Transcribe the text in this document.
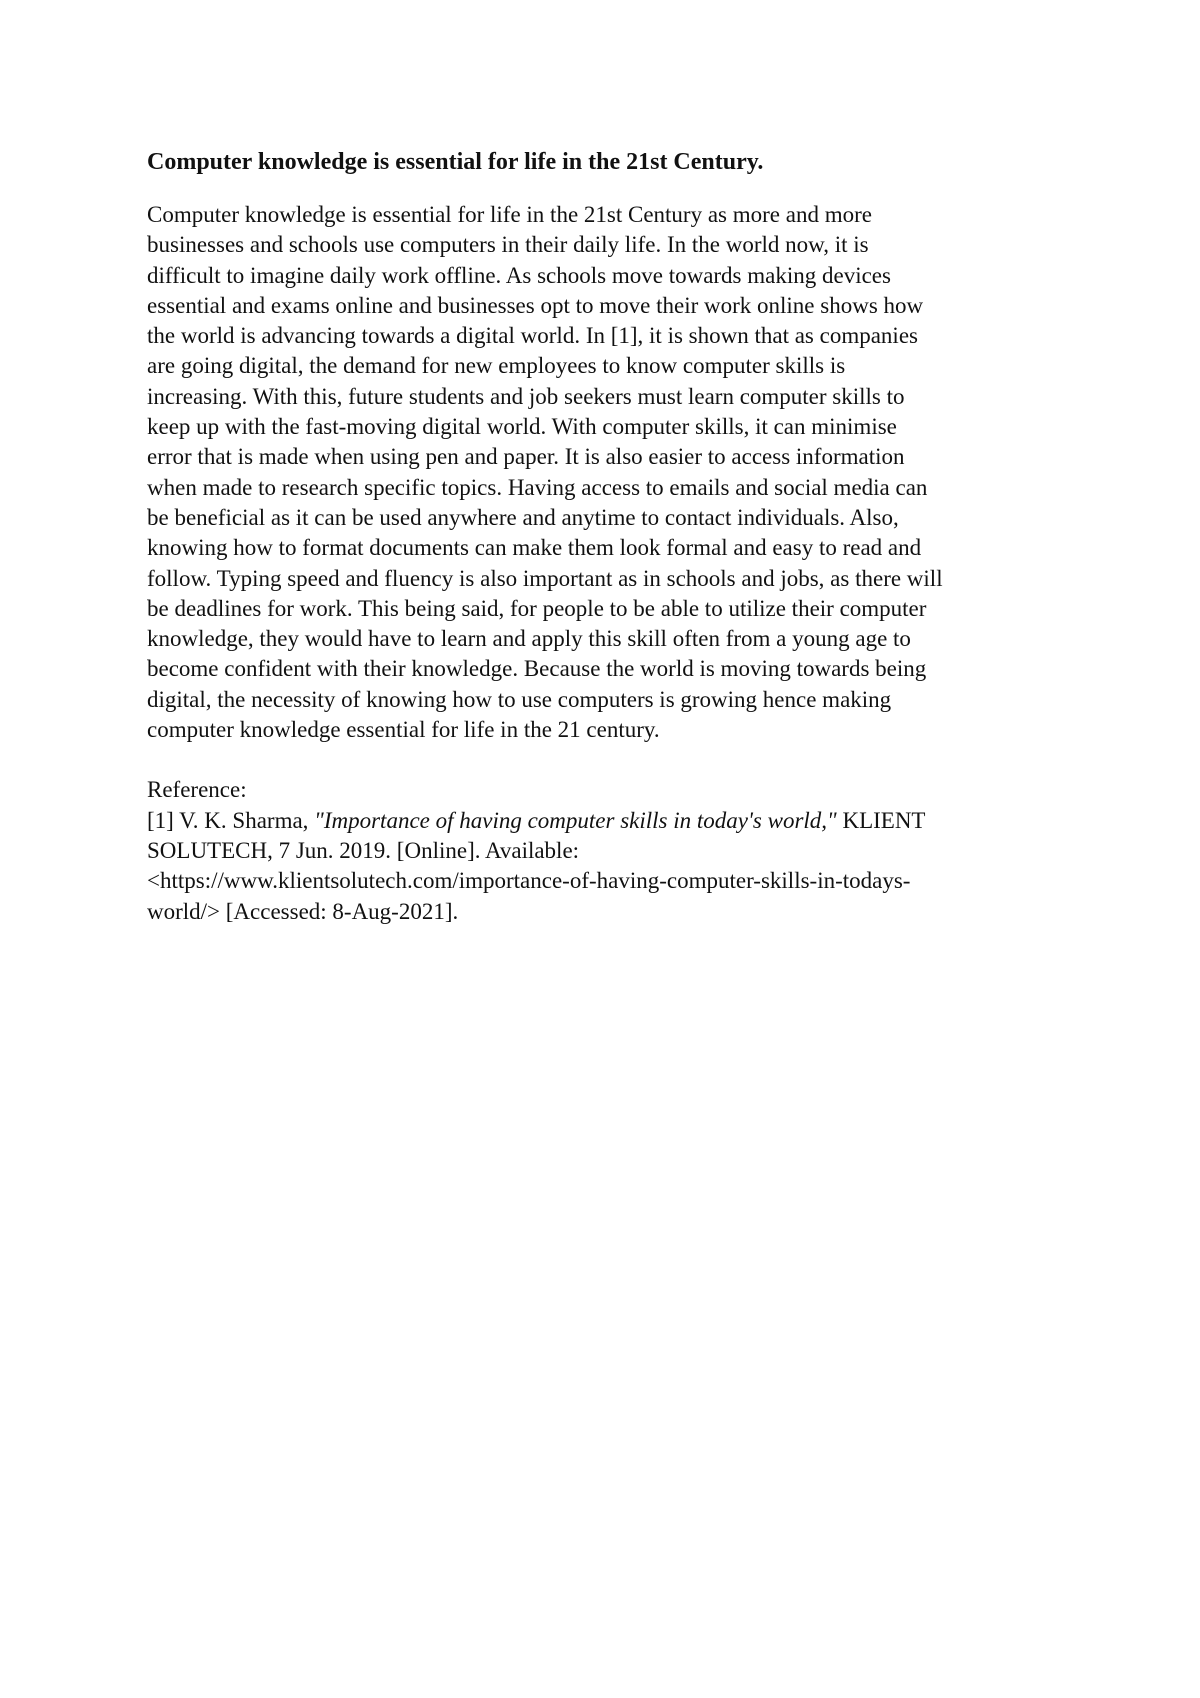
Computer knowledge is essential for life in the 21st Century.

Computer knowledge is essential for life in the 21st Century as more and more
businesses and schools use computers in their daily life. In the world now, it is
difficult to imagine daily work offline. As schools move towards making devices
essential and exams online and businesses opt to move their work online shows how
the world is advancing towards a digital world. In [1], it is shown that as companies
are going digital, the demand for new employees to know computer skills is
increasing. With this, future students and job seekers must learn computer skills to
keep up with the fast-moving digital world. With computer skills, it can minimise
error that is made when using pen and paper. It is also easier to access information
when made to research specific topics. Having access to emails and social media can
be beneficial as it can be used anywhere and anytime to contact individuals. Also,
knowing how to format documents can make them look formal and easy to read and
follow. Typing speed and fluency is also important as in schools and jobs, as there will
be deadlines for work. This being said, for people to be able to utilize their computer
knowledge, they would have to learn and apply this skill often from a young age to
become confident with their knowledge. Because the world is moving towards being
digital, the necessity of knowing how to use computers is growing hence making
computer knowledge essential for life in the 21 century.

Reference:
[1] V. K. Sharma, "Importance of having computer skills in today's world," KLIENT
SOLUTECH, 7 Jun. 2019. [Online]. Available:
<https://www.klientsolutech.com/importance-of-having-computer-skills-in-todays-
world/> [Accessed: 8-Aug-2021].
